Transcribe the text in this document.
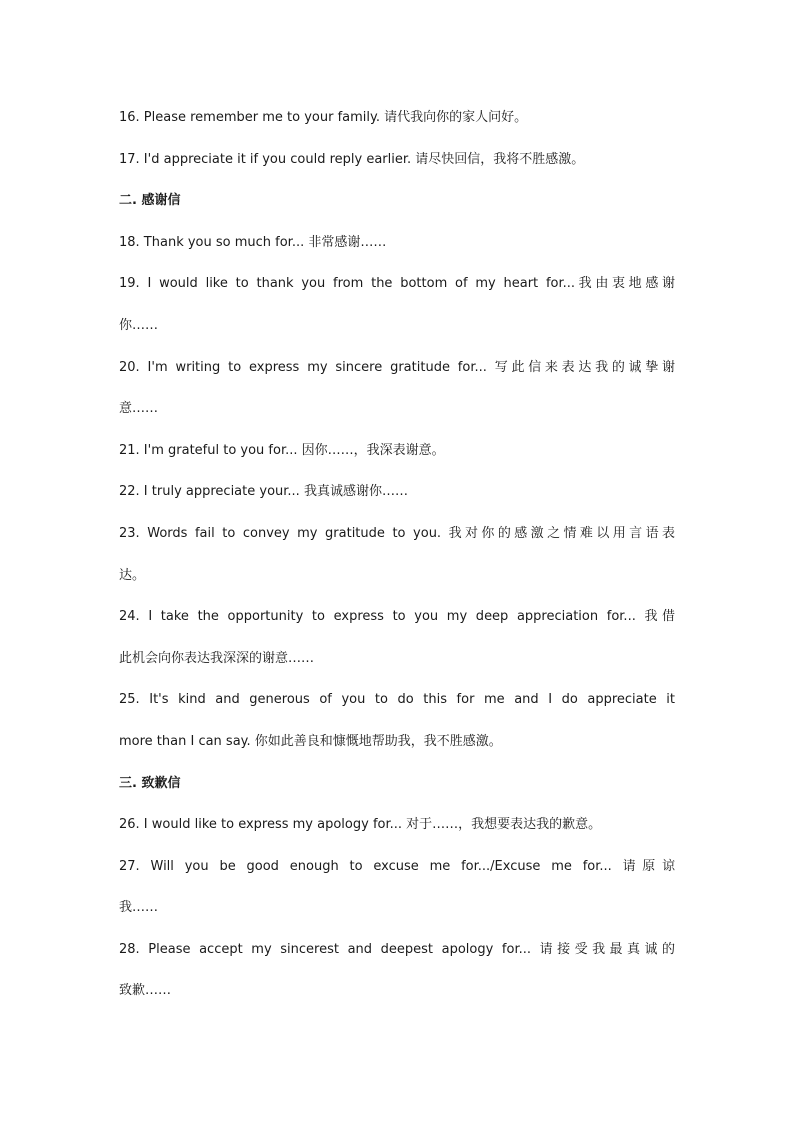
16. Please remember me to your family. 请代我向你的家人问好。
17. I'd appreciate it if you could reply earlier. 请尽快回信，我将不胜感激。
二. 感谢信
18. Thank you so much for... 非常感谢……
19. I would like to thank you from the bottom of my heart for...我由衷地感谢
你……
20. I'm writing to express my sincere gratitude for... 写此信来表达我的诚挚谢
意……
21. I'm grateful to you for... 因你……，我深表谢意。
22. I truly appreciate your... 我真诚感谢你……
23. Words fail to convey my gratitude to you. 我对你的感激之情难以用言语表
达。
24. I take the opportunity to express to you my deep appreciation for... 我借
此机会向你表达我深深的谢意……
25. It's kind and generous of you to do this for me and I do appreciate it
more than I can say. 你如此善良和慷慨地帮助我，我不胜感激。
三. 致歉信
26. I would like to express my apology for... 对于……，我想要表达我的歉意。
27. Will you be good enough to excuse me for.../Excuse me for... 请原谅
我……
28. Please accept my sincerest and deepest apology for... 请接受我最真诚的
致歉……
